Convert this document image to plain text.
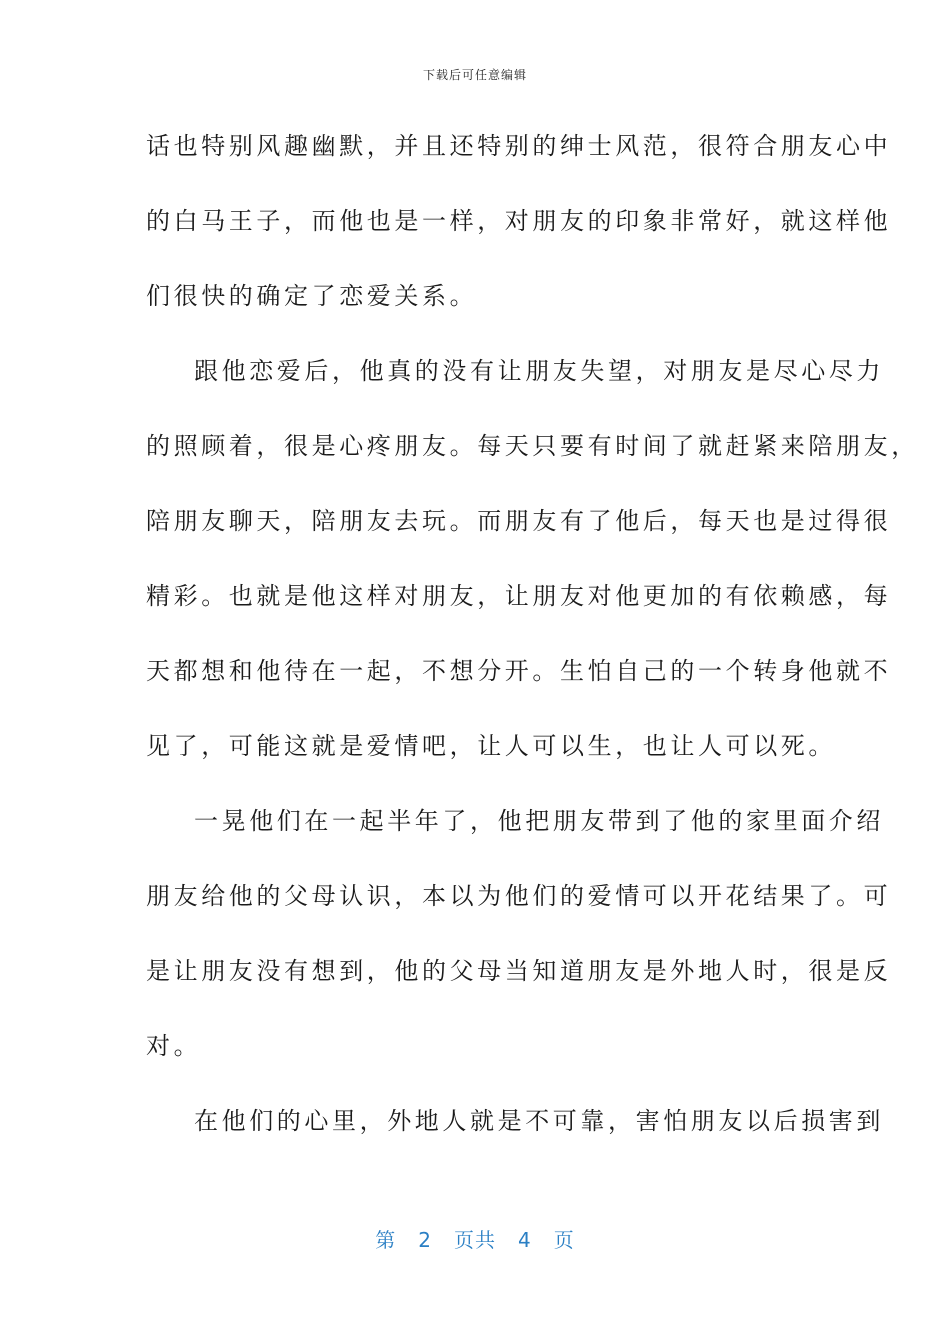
下载后可任意编辑
话也特别风趣幽默，并且还特别的绅士风范，很符合朋友心中
的白马王子，而他也是一样，对朋友的印象非常好，就这样他
们很快的确定了恋爱关系。
跟他恋爱后，他真的没有让朋友失望，对朋友是尽心尽力
的照顾着，很是心疼朋友。每天只要有时间了就赶紧来陪朋友，
陪朋友聊天，陪朋友去玩。而朋友有了他后，每天也是过得很
精彩。也就是他这样对朋友，让朋友对他更加的有依赖感，每
天都想和他待在一起，不想分开。生怕自己的一个转身他就不
见了，可能这就是爱情吧，让人可以生，也让人可以死。
一晃他们在一起半年了，他把朋友带到了他的家里面介绍
朋友给他的父母认识，本以为他们的爱情可以开花结果了。可
是让朋友没有想到，他的父母当知道朋友是外地人时，很是反
对。
在他们的心里，外地人就是不可靠，害怕朋友以后损害到
第 2 页共 4 页
